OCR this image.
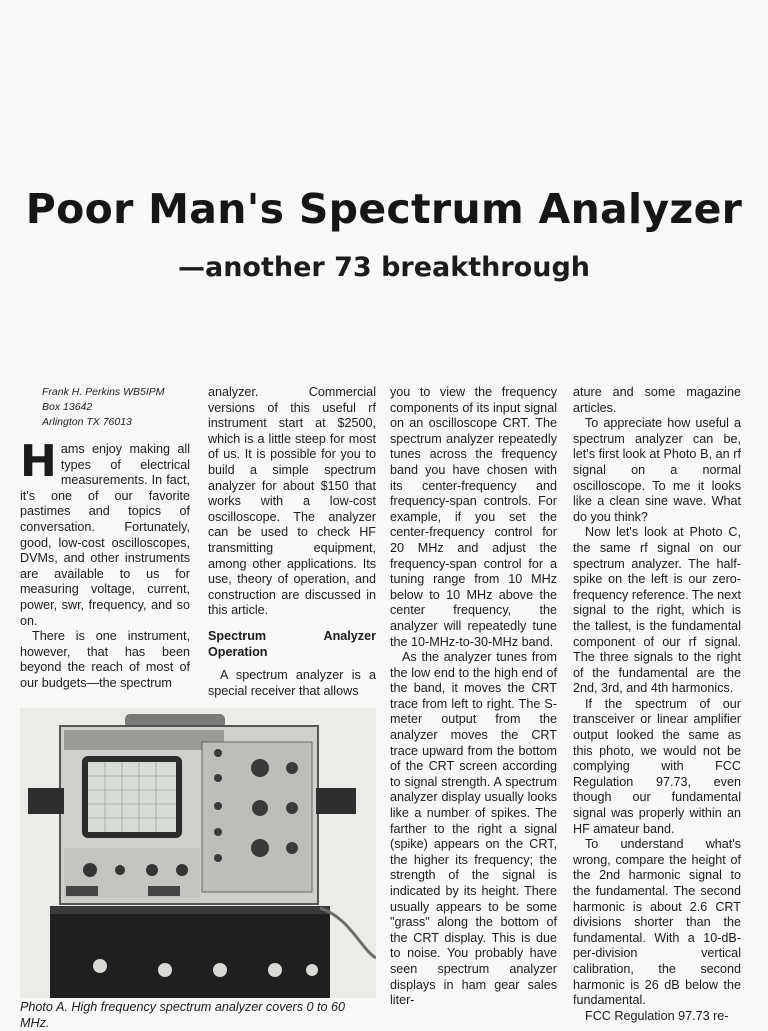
Poor Man's Spectrum Analyzer
—another 73 breakthrough
Frank H. Perkins WB5IPM
Box 13642
Arlington TX 76013

Hams enjoy making all types of electrical measurements. In fact, it's one of our favorite pastimes and topics of conversation. Fortunately, good, low-cost oscilloscopes, DVMs, and other instruments are available to us for measuring voltage, current, power, swr, frequency, and so on.

There is one instrument, however, that has been beyond the reach of most of our budgets—the spectrum

analyzer. Commercial versions of this useful rf instrument start at $2500, which is a little steep for most of us. It is possible for you to build a simple spectrum analyzer for about $150 that works with a low-cost oscilloscope. The analyzer can be used to check HF transmitting equipment, among other applications. Its use, theory of operation, and construction are discussed in this article.

Spectrum Analyzer Operation

A spectrum analyzer is a special receiver that allows

you to view the frequency components of its input signal on an oscilloscope CRT. The spectrum analyzer repeatedly tunes across the frequency band you have chosen with its center-frequency and frequency-span controls. For example, if you set the center-frequency control for 20 MHz and adjust the frequency-span control for a tuning range from 10 MHz below to 10 MHz above the center frequency, the analyzer will repeatedly tune the 10-MHz-to-30-MHz band.

As the analyzer tunes from the low end to the high end of the band, it moves the CRT trace from left to right. The S-meter output from the analyzer moves the CRT trace upward from the bottom of the CRT screen according to signal strength. A spectrum analyzer display usually looks like a number of spikes. The farther to the right a signal (spike) appears on the CRT, the higher its frequency; the strength of the signal is indicated by its height. There usually appears to be some "grass" along the bottom of the CRT display. This is due to noise. You probably have seen spectrum analyzer displays in ham gear sales liter-

ature and some magazine articles.

To appreciate how useful a spectrum analyzer can be, let's first look at Photo B, an rf signal on a normal oscilloscope. To me it looks like a clean sine wave. What do you think?

Now let's look at Photo C, the same rf signal on our spectrum analyzer. The half-spike on the left is our zero-frequency reference. The next signal to the right, which is the tallest, is the fundamental component of our rf signal. The three signals to the right of the fundamental are the 2nd, 3rd, and 4th harmonics.

If the spectrum of our transceiver or linear amplifier output looked the same as this photo, we would not be complying with FCC Regulation 97.73, even though our fundamental signal was properly within an HF amateur band.

To understand what's wrong, compare the height of the 2nd harmonic signal to the fundamental. The second harmonic is about 2.6 CRT divisions shorter than the fundamental. With a 10-dB-per-division vertical calibration, the second harmonic is 26 dB below the fundamental.

FCC Regulation 97.73 re-

Photo A. High frequency spectrum analyzer covers 0 to 60 MHz.
